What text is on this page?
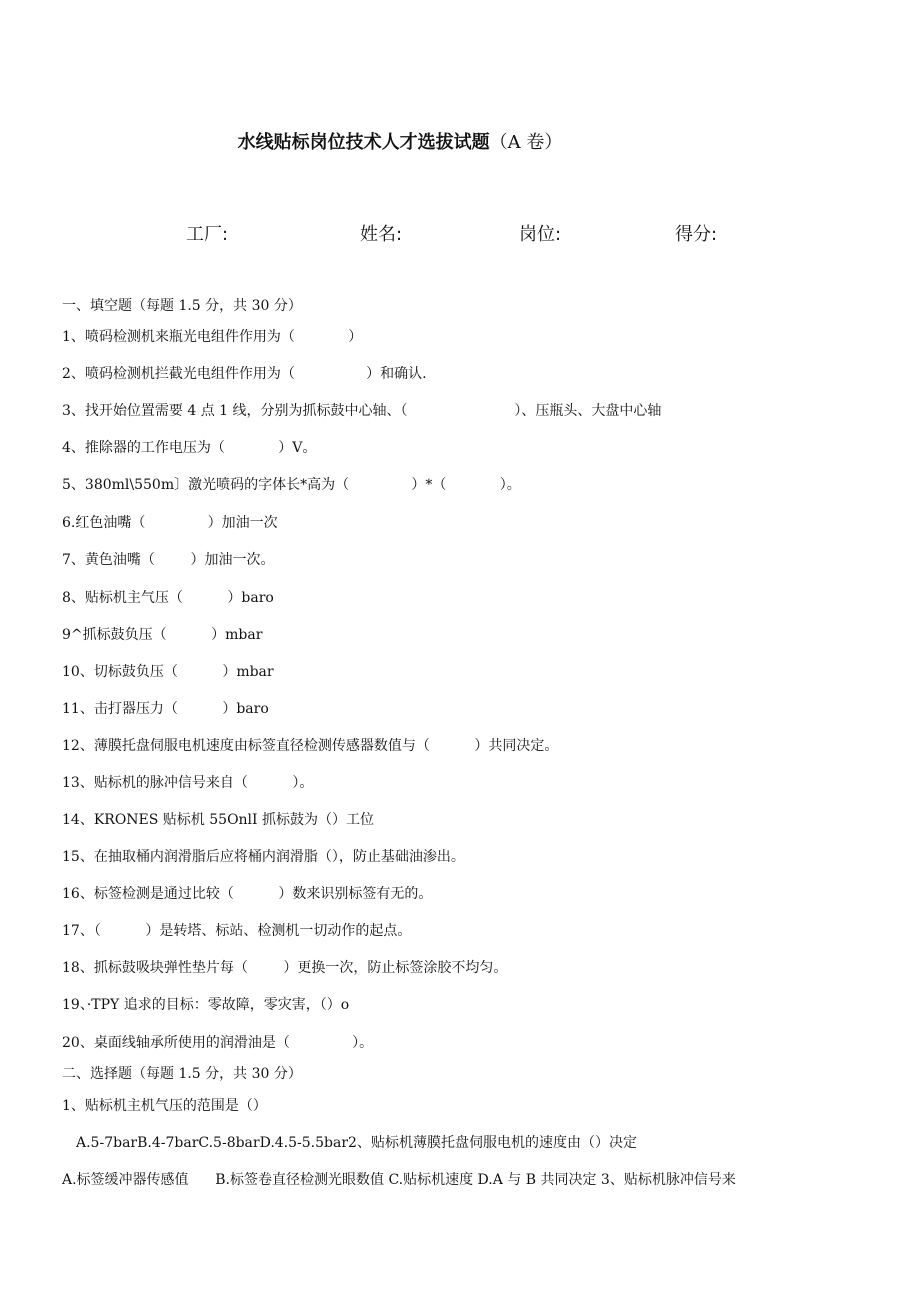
水线贴标岗位技术人才选拔试题（A 卷）
工厂:	姓名:	岗位:	得分:
一、填空题（每题 1.5 分，共 30 分）
1、喷码检测机来瓶光电组件作用为（            ）
2、喷码检测机拦截光电组件作用为（                ）和确认.
3、找开始位置需要 4 点 1 线，分别为抓标鼓中心轴、（                        ）、压瓶头、大盘中心轴
4、推除器的工作电压为（            ）V。
5、380ml\550m〕激光喷码的字体长*高为（              ）*（            ）。
6.红色油嘴（              ）加油一次
7、黄色油嘴（        ）加油一次。
8、贴标机主气压（          ）baro
9^抓标鼓负压（          ）mbar
10、切标鼓负压（          ）mbar
11、击打器压力（          ）baro
12、薄膜托盘伺服电机速度由标签直径检测传感器数值与（          ）共同决定。
13、贴标机的脉冲信号来自（          ）。
14、KRONES 贴标机 55OnlI 抓标鼓为（）工位
15、在抽取桶内润滑脂后应将桶内润滑脂（），防止基础油渗出。
16、标签检测是通过比较（          ）数来识别标签有无的。
17、（          ）是转塔、标站、检测机一切动作的起点。
18、抓标鼓吸块弹性垫片每（        ）更换一次，防止标签涂胶不均匀。
19、·TPY 追求的目标：零故障，零灾害，（）o
20、桌面线轴承所使用的润滑油是（              ）。
二、选择题（每题 1.5 分，共 30 分）
1、贴标机主机气压的范围是（）
A.5-7barB.4-7barC.5-8barD.4.5-5.5bar2、贴标机薄膜托盘伺服电机的速度由（）决定
A.标签缓冲器传感值      B.标签卷直径检测光眼数值 C.贴标机速度 D.A 与 B 共同决定 3、贴标机脉冲信号来
